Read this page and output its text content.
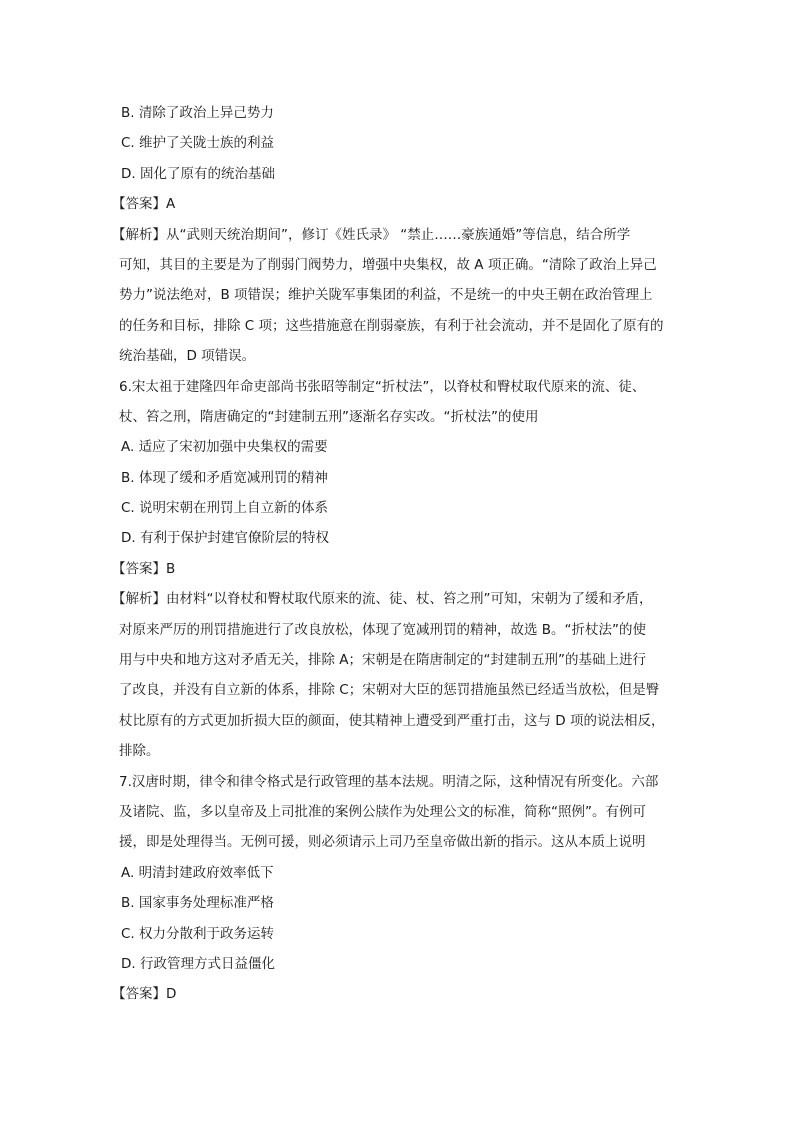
B. 清除了政治上异己势力
C. 维护了关陇士族的利益
D. 固化了原有的统治基础
【答案】A
【解析】从“武则天统治期间”，修订《姓氏录》 “禁止……豪族通婚”等信息，结合所学
可知，其目的主要是为了削弱门阀势力，增强中央集权，故 A 项正确。“清除了政治上异己
势力”说法绝对，B 项错误；维护关陇军事集团的利益，不是统一的中央王朝在政治管理上
的任务和目标，排除 C 项；这些措施意在削弱豪族，有利于社会流动，并不是固化了原有的
统治基础，D 项错误。
6.宋太祖于建隆四年命吏部尚书张昭等制定“折杖法”，以脊杖和臀杖取代原来的流、徒、
杖、笞之刑，隋唐确定的“封建制五刑”逐渐名存实改。“折杖法”的使用
A. 适应了宋初加强中央集权的需要
B. 体现了缓和矛盾宽减刑罚的精神
C. 说明宋朝在刑罚上自立新的体系
D. 有利于保护封建官僚阶层的特权
【答案】B
【解析】由材料“以脊杖和臀杖取代原来的流、徒、杖、笞之刑”可知，宋朝为了缓和矛盾，
对原来严厉的刑罚措施进行了改良放松，体现了宽减刑罚的精神，故选 B。“折杖法”的使
用与中央和地方这对矛盾无关，排除 A；宋朝是在隋唐制定的“封建制五刑”的基础上进行
了改良，并没有自立新的体系，排除 C；宋朝对大臣的惩罚措施虽然已经适当放松，但是臀
杖比原有的方式更加折损大臣的颜面，使其精神上遭受到严重打击，这与 D 项的说法相反，
排除。
7.汉唐时期，律令和律令格式是行政管理的基本法规。明清之际，这种情况有所变化。六部
及诸院、监，多以皇帝及上司批准的案例公牍作为处理公文的标准，简称“照例”。有例可
援，即是处理得当。无例可援，则必须请示上司乃至皇帝做出新的指示。这从本质上说明
A. 明清封建政府效率低下
B. 国家事务处理标准严格
C. 权力分散利于政务运转
D. 行政管理方式日益僵化
【答案】D
